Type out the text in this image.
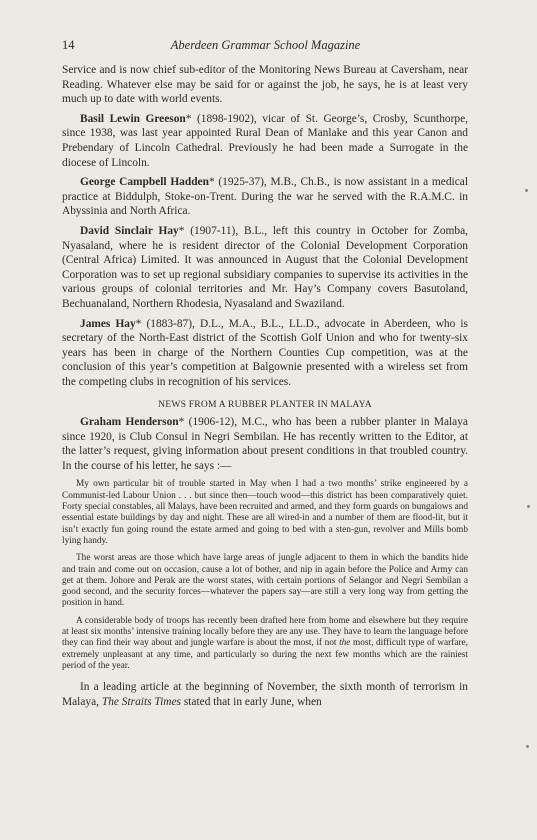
14	Aberdeen Grammar School Magazine

Service and is now chief sub-editor of the Monitoring News Bureau at Caversham, near Reading. Whatever else may be said for or against the job, he says, he is at least very much up to date with world events.

Basil Lewin Greeson* (1898-1902), vicar of St. George’s, Crosby, Scunthorpe, since 1938, was last year appointed Rural Dean of Manlake and this year Canon and Prebendary of Lincoln Cathedral. Previously he had been made a Surrogate in the diocese of Lincoln.

George Campbell Hadden* (1925-37), M.B., Ch.B., is now assistant in a medical practice at Biddulph, Stoke-on-Trent. During the war he served with the R.A.M.C. in Abyssinia and North Africa.

David Sinclair Hay* (1907-11), B.L., left this country in October for Zomba, Nyasaland, where he is resident director of the Colonial Development Corporation (Central Africa) Limited. It was announced in August that the Colonial Development Corporation was to set up regional subsidiary companies to supervise its activities in the various groups of colonial territories and Mr. Hay’s Company covers Basutoland, Bechuanaland, Northern Rhodesia, Nyasaland and Swaziland.

James Hay* (1883-87), D.L., M.A., B.L., LL.D., advocate in Aberdeen, who is secretary of the North-East district of the Scottish Golf Union and who for twenty-six years has been in charge of the Northern Counties Cup competition, was at the conclusion of this year’s competition at Balgownie presented with a wireless set from the competing clubs in recognition of his services.

NEWS FROM A RUBBER PLANTER IN MALAYA

Graham Henderson* (1906-12), M.C., who has been a rubber planter in Malaya since 1920, is Club Consul in Negri Sembilan. He has recently written to the Editor, at the latter’s request, giving information about present conditions in that troubled country. In the course of his letter, he says :—

My own particular bit of trouble started in May when I had a two months’ strike engineered by a Communist-led Labour Union . . . but since then—touch wood—this district has been comparatively quiet. Forty special constables, all Malays, have been recruited and armed, and they form guards on bungalows and essential estate buildings by day and night. These are all wired-in and a number of them are flood-lit, but it isn’t exactly fun going round the estate armed and going to bed with a sten-gun, revolver and Mills bomb lying handy.

The worst areas are those which have large areas of jungle adjacent to them in which the bandits hide and train and come out on occasion, cause a lot of bother, and nip in again before the Police and Army can get at them. Johore and Perak are the worst states, with certain portions of Selangor and Negri Sembilan a good second, and the security forces—whatever the papers say—are still a very long way from getting the position in hand.

A considerable body of troops has recently been drafted here from home and elsewhere but they require at least six months’ intensive training locally before they are any use. They have to learn the language before they can find their way about and jungle warfare is about the most, if not the most, difficult type of warfare, extremely unpleasant at any time, and particularly so during the next few months which are the rainiest period of the year.

In a leading article at the beginning of November, the sixth month of terrorism in Malaya, The Straits Times stated that in early June, when
